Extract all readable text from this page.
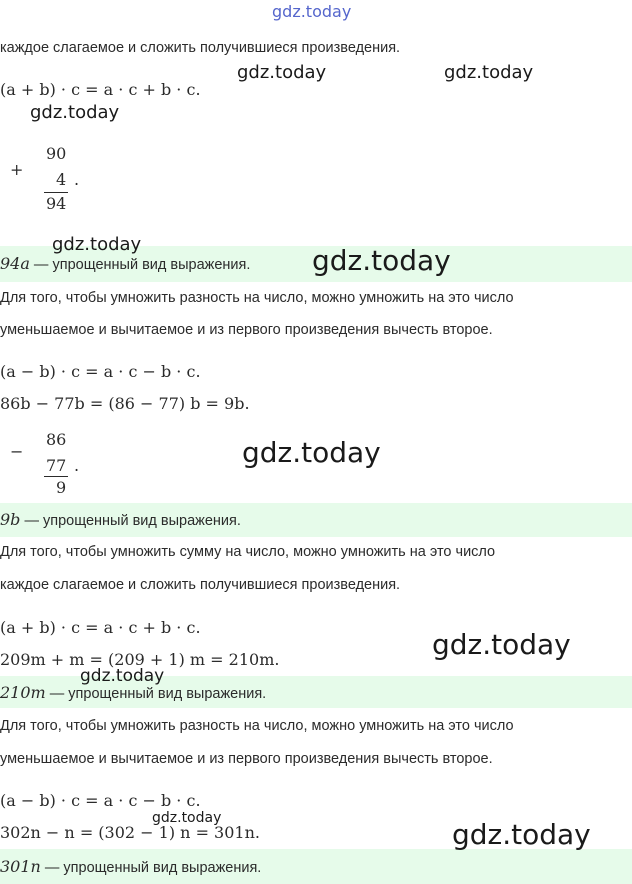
gdz.today
каждое слагаемое и сложить получившиеся произведения.
(a + b) · c = a · c + b · c.
gdz.today	gdz.today
gdz.today
+
90
4 .
94
gdz.today
94a — упрощенный вид выражения. gdz.today
Для того, чтобы умножить разность на число, можно умножить на это число
уменьшаемое и вычитаемое и из первого произведения вычесть второе.
(a − b) · c = a · c − b · c.
86b − 77b = (86 − 77) b = 9b.
−
86
77 .
9
gdz.today
9b — упрощенный вид выражения.
Для того, чтобы умножить сумму на число, можно умножить на это число
каждое слагаемое и сложить получившиеся произведения.
(a + b) · c = a · c + b · c.
209m + m = (209 + 1) m = 210m.	gdz.today
gdz.today
210m — упрощенный вид выражения.
Для того, чтобы умножить разность на число, можно умножить на это число
уменьшаемое и вычитаемое и из первого произведения вычесть второе.
(a − b) · c = a · c − b · c.
302n − n = (302 − 1) n = 301n.
gdz.today	gdz.today
301n — упрощенный вид выражения.
